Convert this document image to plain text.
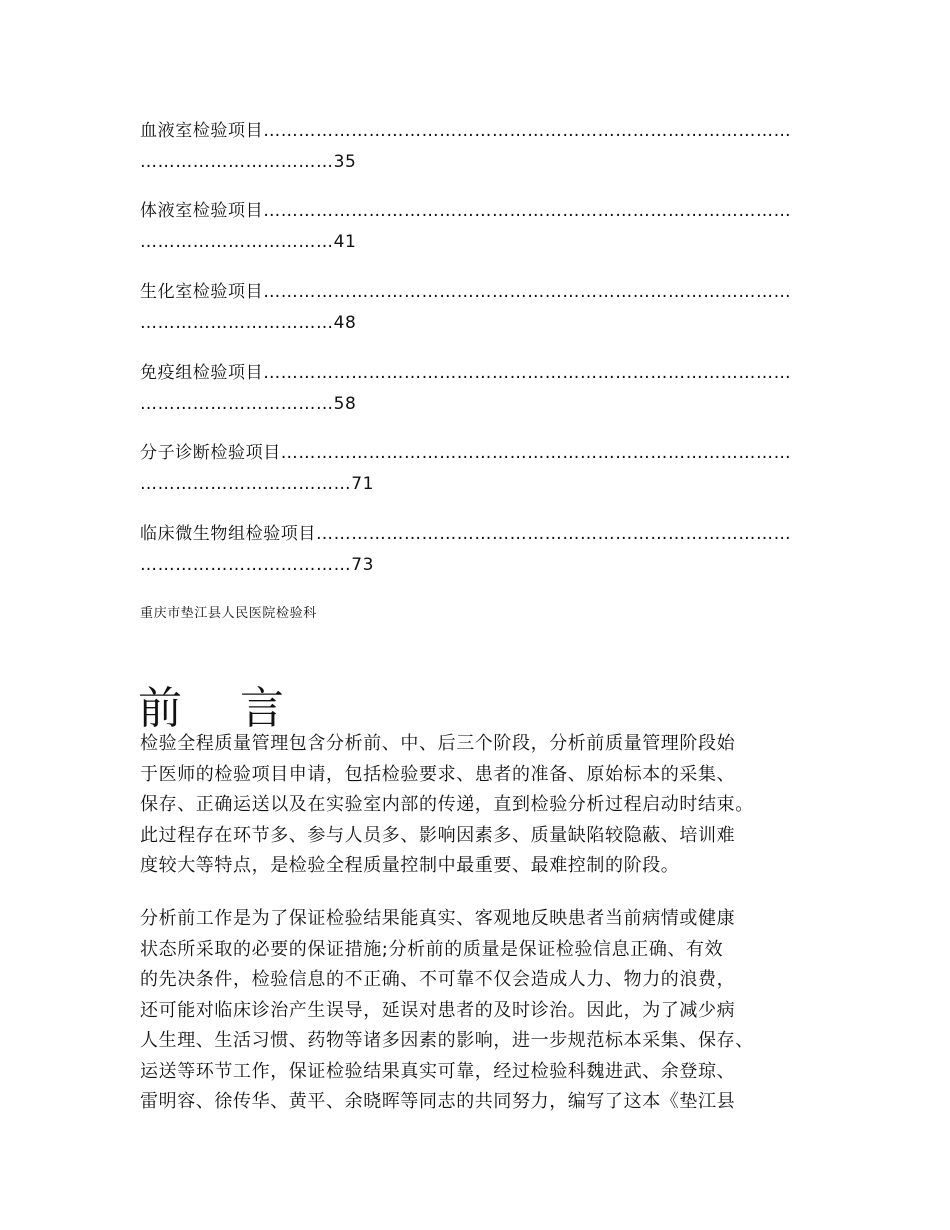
血液室检验项目………………………………………………………………………………
……………………………35
体液室检验项目………………………………………………………………………………
……………………………41
生化室检验项目………………………………………………………………………………
……………………………48
免疫组检验项目………………………………………………………………………………
……………………………58
分子诊断检验项目……………………………………………………………………………
………………………………71
临床微生物组检验项目………………………………………………………………………
………………………………73
重庆市垫江县人民医院检验科
前 言
检验全程质量管理包含分析前、中、后三个阶段，分析前质量管理阶段始
于医师的检验项目申请，包括检验要求、患者的准备、原始标本的采集、
保存、正确运送以及在实验室内部的传递，直到检验分析过程启动时结束。
此过程存在环节多、参与人员多、影响因素多、质量缺陷较隐蔽、培训难
度较大等特点，是检验全程质量控制中最重要、最难控制的阶段。
分析前工作是为了保证检验结果能真实、客观地反映患者当前病情或健康
状态所采取的必要的保证措施;分析前的质量是保证检验信息正确、有效
的先决条件，检验信息的不正确、不可靠不仅会造成人力、物力的浪费，
还可能对临床诊治产生误导，延误对患者的及时诊治。因此，为了减少病
人生理、生活习惯、药物等诸多因素的影响，进一步规范标本采集、保存、
运送等环节工作，保证检验结果真实可靠，经过检验科魏进武、余登琼、
雷明容、徐传华、黄平、余晓晖等同志的共同努力，编写了这本《垫江县
